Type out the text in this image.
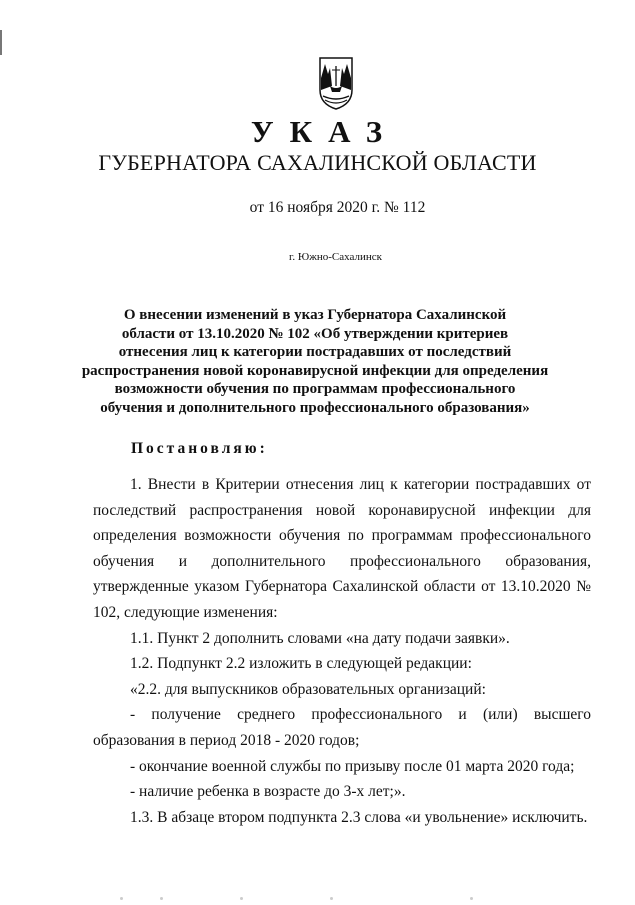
УКАЗ
ГУБЕРНАТОРА САХАЛИНСКОЙ ОБЛАСТИ
от 16 ноября 2020 г. № 112
г. Южно-Сахалинск
О внесении изменений в указ Губернатора Сахалинской
области от 13.10.2020 № 102 «Об утверждении критериев
отнесения лиц к категории пострадавших от последствий
распространения новой коронавирусной инфекции для определения
возможности обучения по программам профессионального
обучения и дополнительного профессионального образования»
Постановляю:

1. Внести в Критерии отнесения лиц к категории пострадавших от последствий распространения новой коронавирусной инфекции для определения возможности обучения по программам профессионального обучения и дополнительного профессионального образования, утвержденные указом Губернатора Сахалинской области от 13.10.2020 № 102, следующие изменения:

1.1. Пункт 2 дополнить словами «на дату подачи заявки».

1.2. Подпункт 2.2 изложить в следующей редакции:

«2.2. для выпускников образовательных организаций:

- получение среднего профессионального и (или) высшего образования в период 2018 - 2020 годов;

- окончание военной службы по призыву после 01 марта 2020 года;

- наличие ребенка в возрасте до 3-х лет;».

1.3. В абзаце втором подпункта 2.3 слова «и увольнение» исключить.
